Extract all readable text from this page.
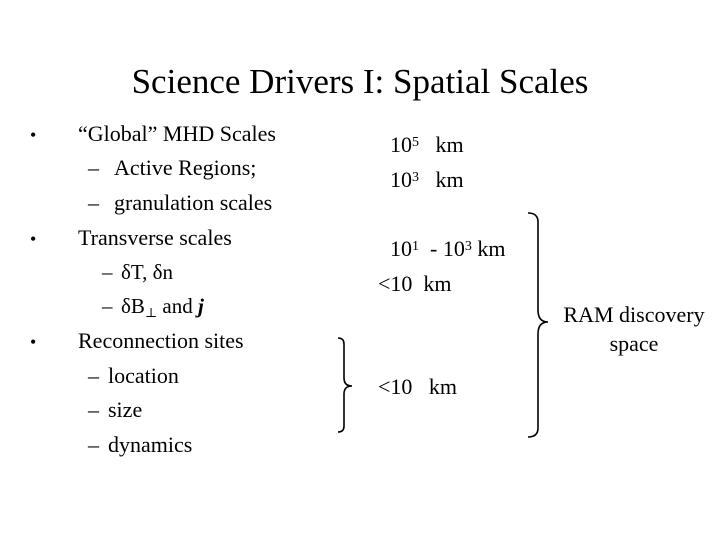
Science Drivers I: Spatial Scales
• “Global” MHD Scales
– Active Regions;
– granulation scales
• Transverse scales
– δT, δn
– $\delta B_\perp$ and j
• Reconnection sites
– location
– size
– dynamics
$10^5$ km
$10^3$ km
$10^1 - 10^3$ km
<10  km
<10   km
RAM discovery
space
